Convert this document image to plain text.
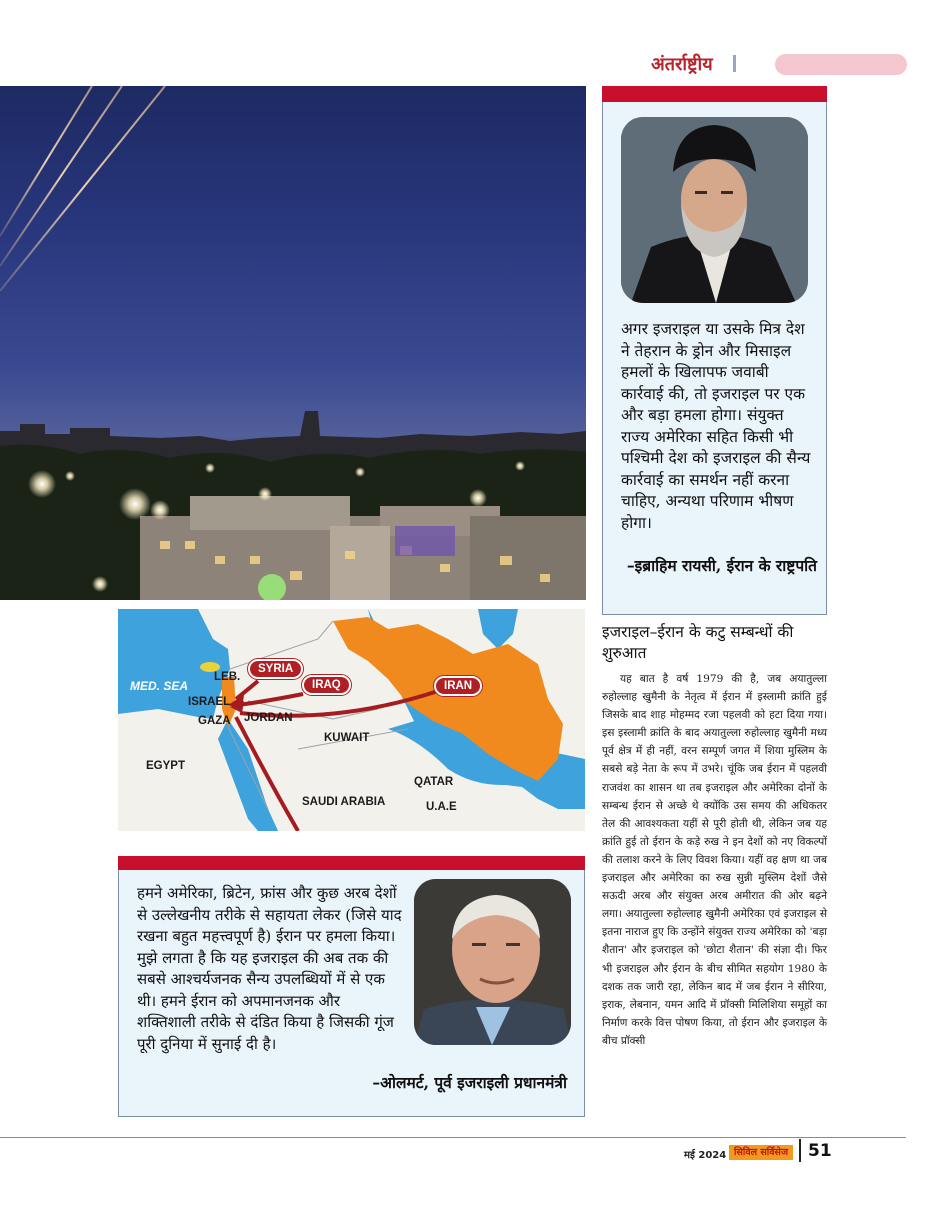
अंतर्राष्ट्रीय
अगर इजराइल या उसके मित्र देश ने तेहरान के ड्रोन और मिसाइल हमलों के खिलापफ जवाबी कार्रवाई की, तो इजराइल पर एक और बड़ा हमला होगा। संयुक्त राज्य अमेरिका सहित किसी भी पश्चिमी देश को इजराइल की सैन्य कार्रवाई का समर्थन नहीं करना चाहिए, अन्यथा परिणाम भीषण होगा।
–इब्राहिम रायसी, ईरान के राष्ट्रपति
MED. SEA
SYRIA
IRAQ	IRAN
LEB.
ISRAEL
GAZA JORDAN
KUWAIT
EGYPT
SAUDI ARABIA
QATAR
U.A.E
इजराइल–ईरान के कटु सम्बन्धों की शुरुआत
यह बात है वर्ष 1979 की है, जब अयातुल्ला रुहोल्लाह खुमैनी के नेतृत्व में ईरान में इस्लामी क्रांति हुई जिसके बाद शाह मोहम्मद रजा पहलवी को हटा दिया गया। इस इस्लामी क्रांति के बाद अयातुल्ला रुहोल्लाह खुमैनी मध्य पूर्व क्षेत्र में ही नहीं, वरन सम्पूर्ण जगत में शिया मुस्लिम के सबसे बड़े नेता के रूप में उभरे। चूंकि जब ईरान में पहलवी राजवंश का शासन था तब इजराइल और अमेरिका दोनों के सम्बन्ध ईरान से अच्छे थे क्योंकि उस समय की अधिकतर तेल की आवश्यकता यहीं से पूरी होती थी, लेकिन जब यह क्रांति हुई तो ईरान के कड़े रुख ने इन देशों को नए विकल्पों की तलाश करने के लिए विवश किया। यहीं वह क्षण था जब इजराइल और अमेरिका का रुख सुन्नी मुस्लिम देशों जैसे सऊदी अरब और संयुक्त अरब अमीरात की ओर बढ़ने लगा। अयातुल्ला रुहोल्लाह खुमैनी अमेरिका एवं इजराइल से इतना नाराज हुए कि उन्होंने संयुक्त राज्य अमेरिका को 'बड़ा शैतान' और इजराइल को 'छोटा शैतान' की संज्ञा दी। फिर भी इजराइल और ईरान के बीच सीमित सहयोग 1980 के दशक तक जारी रहा, लेकिन बाद में जब ईरान ने सीरिया, इराक, लेबनान, यमन आदि में प्रॉक्सी मिलिशिया समूहों का निर्माण करके वित्त पोषण किया, तो ईरान और इजराइल के बीच प्रॉक्सी
हमने अमेरिका, ब्रिटेन, फ्रांस और कुछ अरब देशों से उल्लेखनीय तरीके से सहायता लेकर (जिसे याद रखना बहुत महत्त्वपूर्ण है) ईरान पर हमला किया। मुझे लगता है कि यह इजराइल की अब तक की सबसे आश्चर्यजनक सैन्य उपलब्धियों में से एक थी। हमने ईरान को अपमानजनक और शक्तिशाली तरीके से दंडित किया है जिसकी गूंज पूरी दुनिया में सुनाई दी है।
–ओलमर्ट, पूर्व इजराइली प्रधानमंत्री
मई 2024 सिविल सर्विसेज 51
